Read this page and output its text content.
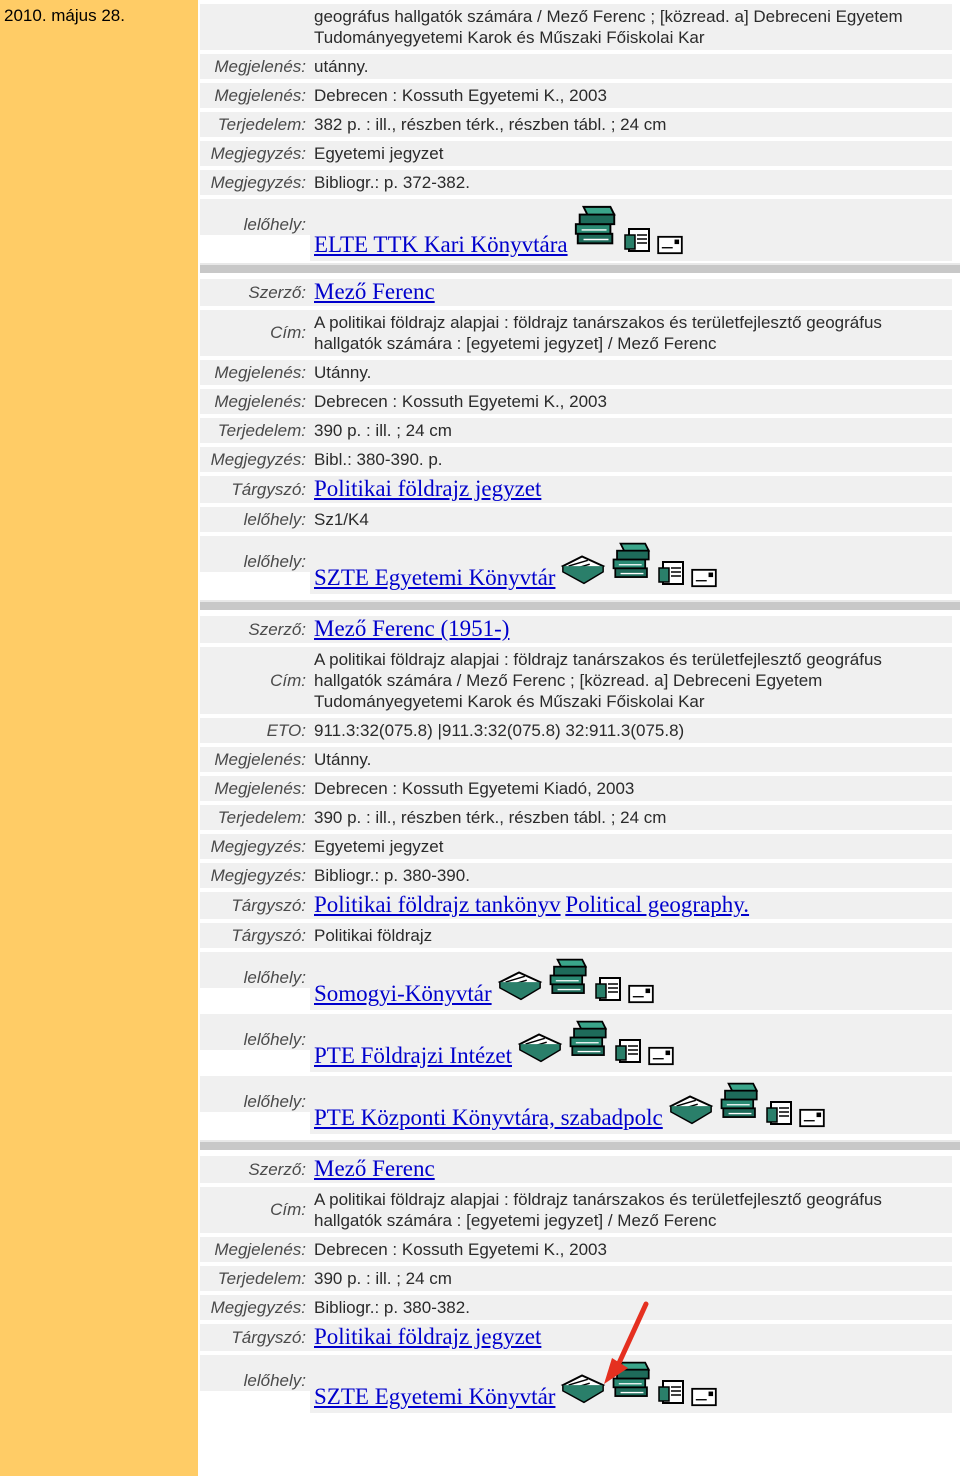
2010. május 28.	geográfus hallgatók számára / Mező Ferenc ; [közread. a] Debreceni Egyetem Tudományegyetemi Karok és Műszaki Főiskolai Kar
Megjelenés: utánny.
Megjelenés: Debrecen : Kossuth Egyetemi K., 2003
Terjedelem: 382 p. : ill., részben térk., részben tábl. ; 24 cm
Megjegyzés: Egyetemi jegyzet
Megjegyzés: Bibliogr.: p. 372-382.
lelőhely:
ELTE TTK Kari Könyvtára
Szerző: Mező Ferenc
Cím:
A politikai földrajz alapjai : földrajz tanárszakos és területfejlesztő geográfus hallgatók számára : [egyetemi jegyzet] / Mező Ferenc
Megjelenés: Utánny.
Megjelenés: Debrecen : Kossuth Egyetemi K., 2003
Terjedelem: 390 p. : ill. ; 24 cm
Megjegyzés: Bibl.: 380-390. p.
Tárgyszó: Politikai földrajz jegyzet
lelőhely: Sz1/K4
lelőhely:
SZTE Egyetemi Könyvtár
Szerző: Mező Ferenc (1951-)
Cím:
A politikai földrajz alapjai : földrajz tanárszakos és területfejlesztő geográfus hallgatók számára / Mező Ferenc ; [közread. a] Debreceni Egyetem Tudományegyetemi Karok és Műszaki Főiskolai Kar
ETO: 911.3:32(075.8) |911.3:32(075.8) 32:911.3(075.8)
Megjelenés: Utánny.
Megjelenés: Debrecen : Kossuth Egyetemi Kiadó, 2003
Terjedelem: 390 p. : ill., részben térk., részben tábl. ; 24 cm
Megjegyzés: Egyetemi jegyzet
Megjegyzés: Bibliogr.: p. 380-390.
Tárgyszó: Politikai földrajz tankönyv Political geography.
Tárgyszó: Politikai földrajz
lelőhely:
Somogyi-Könyvtár
lelőhely:
PTE Földrajzi Intézet
lelőhely:
PTE Központi Könyvtára, szabadpolc
Szerző: Mező Ferenc
Cím:
A politikai földrajz alapjai : földrajz tanárszakos és területfejlesztő geográfus hallgatók számára : [egyetemi jegyzet] / Mező Ferenc
Megjelenés: Debrecen : Kossuth Egyetemi K., 2003
Terjedelem: 390 p. : ill. ; 24 cm
Megjegyzés: Bibliogr.: p. 380-382.
Tárgyszó: Politikai földrajz jegyzet
lelőhely:
SZTE Egyetemi Könyvtár
